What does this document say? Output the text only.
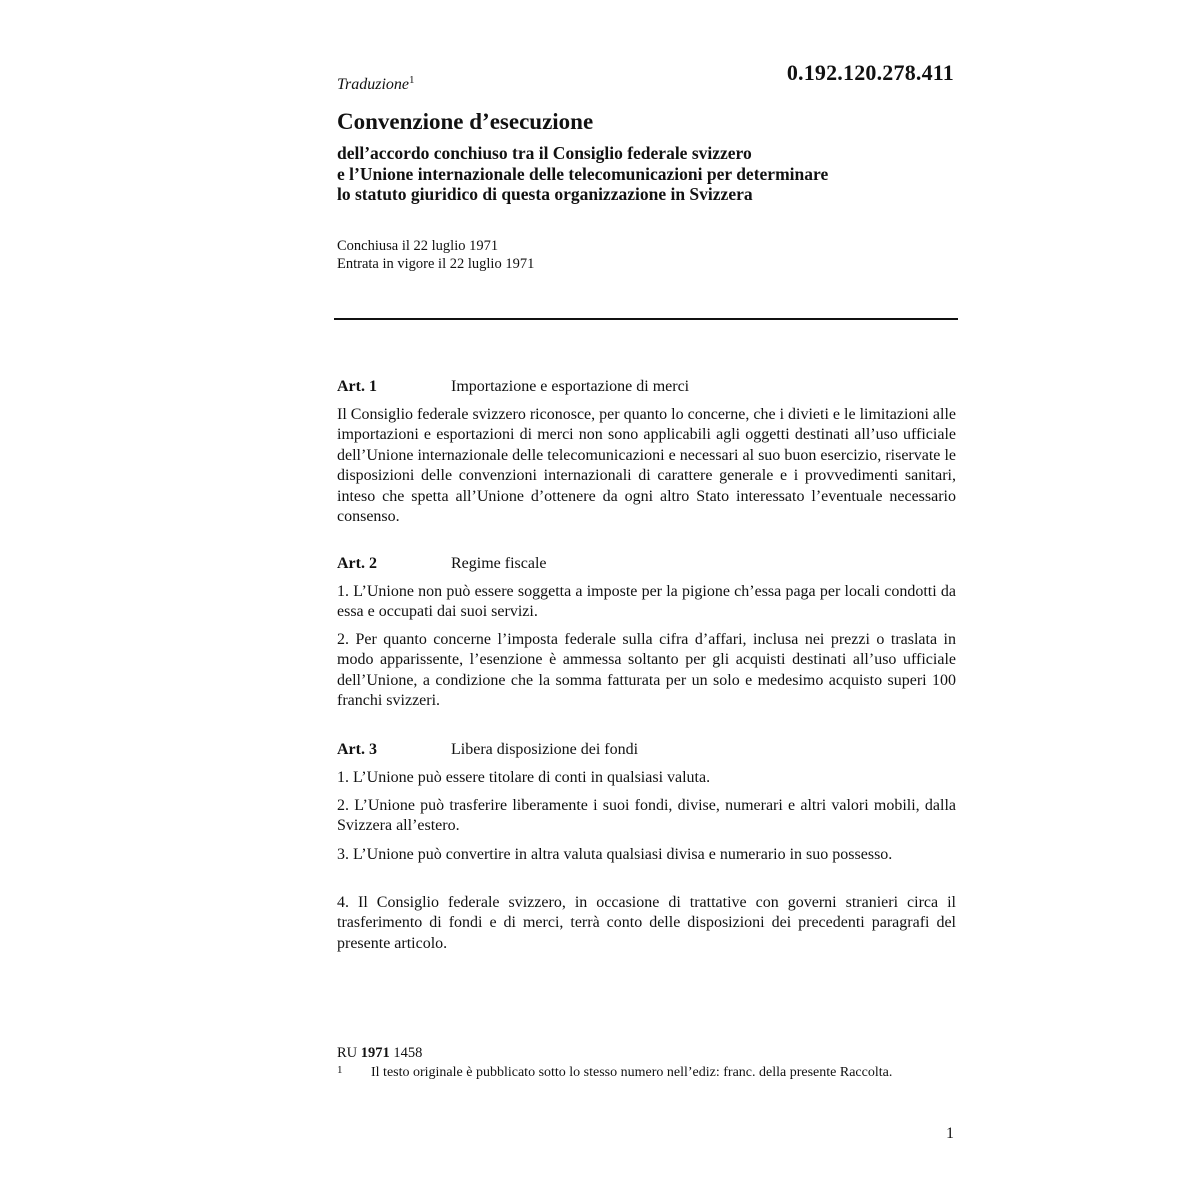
Traduzione$^1$	0.192.120.278.411
Convenzione d’esecuzione
dell’accordo conchiuso tra il Consiglio federale svizzero
e l’Unione internazionale delle telecomunicazioni per determinare
lo statuto giuridico di questa organizzazione in Svizzera
Conchiusa il 22 luglio 1971
Entrata in vigore il 22 luglio 1971
Art. 1	Importazione e esportazione di merci
Il Consiglio federale svizzero riconosce, per quanto lo concerne, che i divieti e le limitazioni alle importazioni e esportazioni di merci non sono applicabili agli oggetti destinati all’uso ufficiale dell’Unione internazionale delle telecomunicazioni e necessari al suo buon esercizio, riservate le disposizioni delle convenzioni internazionali di carattere generale e i provvedimenti sanitari, inteso che spetta all’Unione d’ottenere da ogni altro Stato interessato l’eventuale necessario consenso.
Art. 2	Regime fiscale
1. L’Unione non può essere soggetta a imposte per la pigione ch’essa paga per locali condotti da essa e occupati dai suoi servizi.
2. Per quanto concerne l’imposta federale sulla cifra d’affari, inclusa nei prezzi o traslata in modo apparissente, l’esenzione è ammessa soltanto per gli acquisti destinati all’uso ufficiale dell’Unione, a condizione che la somma fatturata per un solo e medesimo acquisto superi 100 franchi svizzeri.
Art. 3	Libera disposizione dei fondi
1. L’Unione può essere titolare di conti in qualsiasi valuta.
2. L’Unione può trasferire liberamente i suoi fondi, divise, numerari e altri valori mobili, dalla Svizzera all’estero.
3. L’Unione può convertire in altra valuta qualsiasi divisa e numerario in suo possesso.
4. Il Consiglio federale svizzero, in occasione di trattative con governi stranieri circa il trasferimento di fondi e di merci, terrà conto delle disposizioni dei precedenti paragrafi del presente articolo.
RU 1971 1458
1 Il testo originale è pubblicato sotto lo stesso numero nell’ediz: franc. della presente Raccolta.
1
